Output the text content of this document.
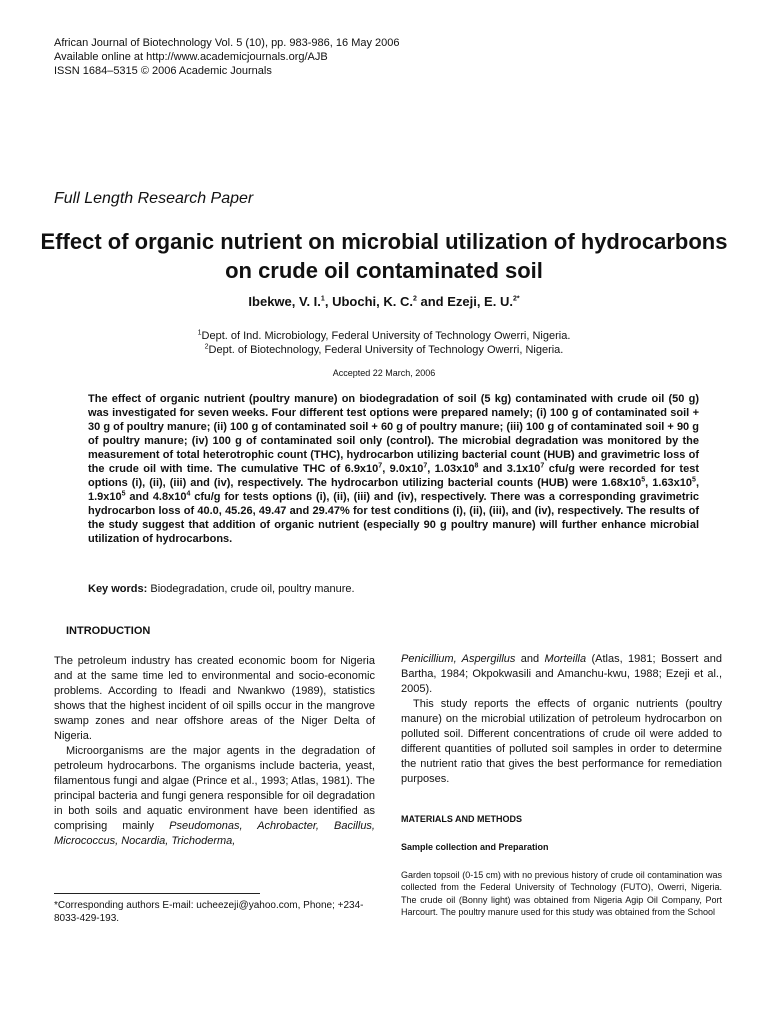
African Journal of Biotechnology Vol. 5 (10), pp. 983-986, 16 May 2006
Available online at http://www.academicjournals.org/AJB
ISSN 1684–5315 © 2006 Academic Journals
Full Length Research Paper
Effect of organic nutrient on microbial utilization of hydrocarbons on crude oil contaminated soil
Ibekwe, V. I.$^1$, Ubochi, K. C.$^2$ and Ezeji, E. U.$^{2*}$
$^1$Dept. of Ind. Microbiology, Federal University of Technology Owerri, Nigeria.
$^2$Dept. of Biotechnology, Federal University of Technology Owerri, Nigeria.
Accepted 22 March, 2006
The effect of organic nutrient (poultry manure) on biodegradation of soil (5 kg) contaminated with crude oil (50 g) was investigated for seven weeks. Four different test options were prepared namely; (i) 100 g of contaminated soil + 30 g of poultry manure; (ii) 100 g of contaminated soil + 60 g of poultry manure; (iii) 100 g of contaminated soil + 90 g of poultry manure; (iv) 100 g of contaminated soil only (control). The microbial degradation was monitored by the measurement of total heterotrophic count (THC), hydrocarbon utilizing bacterial count (HUB) and gravimetric loss of the crude oil with time. The cumulative THC of $6.9x10^7$, $9.0x10^7$, $1.03x10^8$ and $3.1x10^7$ cfu/g were recorded for test options (i), (ii), (iii) and (iv), respectively. The hydrocarbon utilizing bacterial counts (HUB) were $1.68x10^5$, $1.63x10^5$, $1.9x10^5$ and $4.8x10^4$ cfu/g for tests options (i), (ii), (iii) and (iv), respectively. There was a corresponding gravimetric hydrocarbon loss of 40.0, 45.26, 49.47 and 29.47% for test conditions (i), (ii), (iii), and (iv), respectively. The results of the study suggest that addition of organic nutrient (especially 90 g poultry manure) will further enhance microbial utilization of hydrocarbons.
Key words: Biodegradation, crude oil, poultry manure.
INTRODUCTION

The petroleum industry has created economic boom for Nigeria and at the same time led to environmental and socio-economic problems. According to Ifeadi and Nwankwo (1989), statistics shows that the highest incident of oil spills occur in the mangrove swamp zones and near offshore areas of the Niger Delta of Nigeria.

Microorganisms are the major agents in the degradation of petroleum hydrocarbons. The organisms include bacteria, yeast, filamentous fungi and algae (Prince et al., 1993; Atlas, 1981). The principal bacteria and fungi genera responsible for oil degradation in both soils and aquatic environment have been identified as comprising mainly Pseudomonas, Achrobacter, Bacillus, Micrococcus, Nocardia, Trichoderma,

Penicillium, Aspergillus and Morteilla (Atlas, 1981; Bossert and Bartha, 1984; Okpokwasili and Amanchu-kwu, 1988; Ezeji et al., 2005).

This study reports the effects of organic nutrients (poultry manure) on the microbial utilization of petroleum hydrocarbon on polluted soil. Different concentrations of crude oil were added to different quantities of polluted soil samples in order to determine the nutrient ratio that gives the best performance for remediation purposes.

*Corresponding authors E-mail: ucheezeji@yahoo.com, Phone; +234-8033-429-193.
MATERIALS AND METHODS
Sample collection and Preparation
Garden topsoil (0-15 cm) with no previous history of crude oil contamination was collected from the Federal University of Technology (FUTO), Owerri, Nigeria. The crude oil (Bonny light) was obtained from Nigeria Agip Oil Company, Port Harcourt. The poultry manure used for this study was obtained from the School
